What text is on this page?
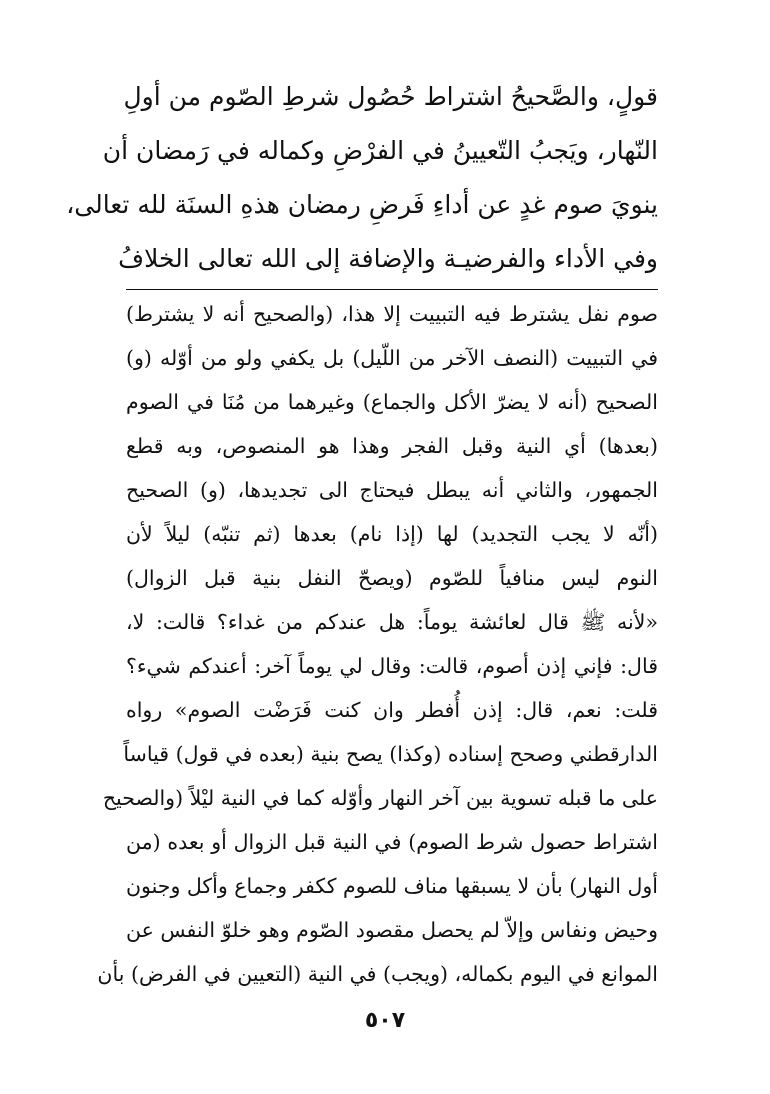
قولٍ، والصَّحيحُ اشتراط حُصُول شرطِ الصّوم من أولِ
النّهار، ويَجبُ التّعيينُ في الفرْضِ وكماله في رَمضان أن
ينويَ صوم غدٍ عن أداءِ فَرضِ رمضان هذهِ السنَة لله تعالى،
وفي الأداء والفرضيـة والإضافة إلى الله تعالى الخلافُ
صوم نفل يشترط فيه التبييت إلا هذا، (والصحيح أنه لا يشترط)
في التبييت (النصف الآخر من اللّيل) بل يكفي ولو من أوّله (و)
الصحيح (أنه لا يضرّ الأكل والجماع) وغيرهما من مُنَا في الصوم
(بعدها) أي النية وقبل الفجر وهذا هو المنصوص، وبه قطع
الجمهور، والثاني أنه يبطل فيحتاج الى تجديدها، (و) الصحيح
(أنّه لا يجب التجديد) لها (إذا نام) بعدها (ثم تنبّه) ليلاً لأن
النوم ليس منافياً للصّوم (ويصحّ النفل بنية قبل الزوال)
«لأنه ﷺ قال لعائشة يوماً: هل عندكم من غداء؟ قالت: لا،
قال: فإني إذن أصوم، قالت: وقال لي يوماً آخر: أعندكم شيء؟
قلت: نعم، قال: إذن أُفطر وان كنت فَرَضْت الصوم» رواه
الدارقطني وصحح إسناده (وكذا) يصح بنية (بعده في قول) قياساً
على ما قبله تسوية بين آخر النهار وأوّله كما في النية ليْلاً (والصحيح
اشتراط حصول شرط الصوم) في النية قبل الزوال أو بعده (من
أول النهار) بأن لا يسبقها مناف للصوم ككفر وجماع وأكل وجنون
وحيض ونفاس وإلاّ لم يحصل مقصود الصّوم وهو خلوّ النفس عن
الموانع في اليوم بكماله، (ويجب) في النية (التعيين في الفرض) بأن
٥٠٧
